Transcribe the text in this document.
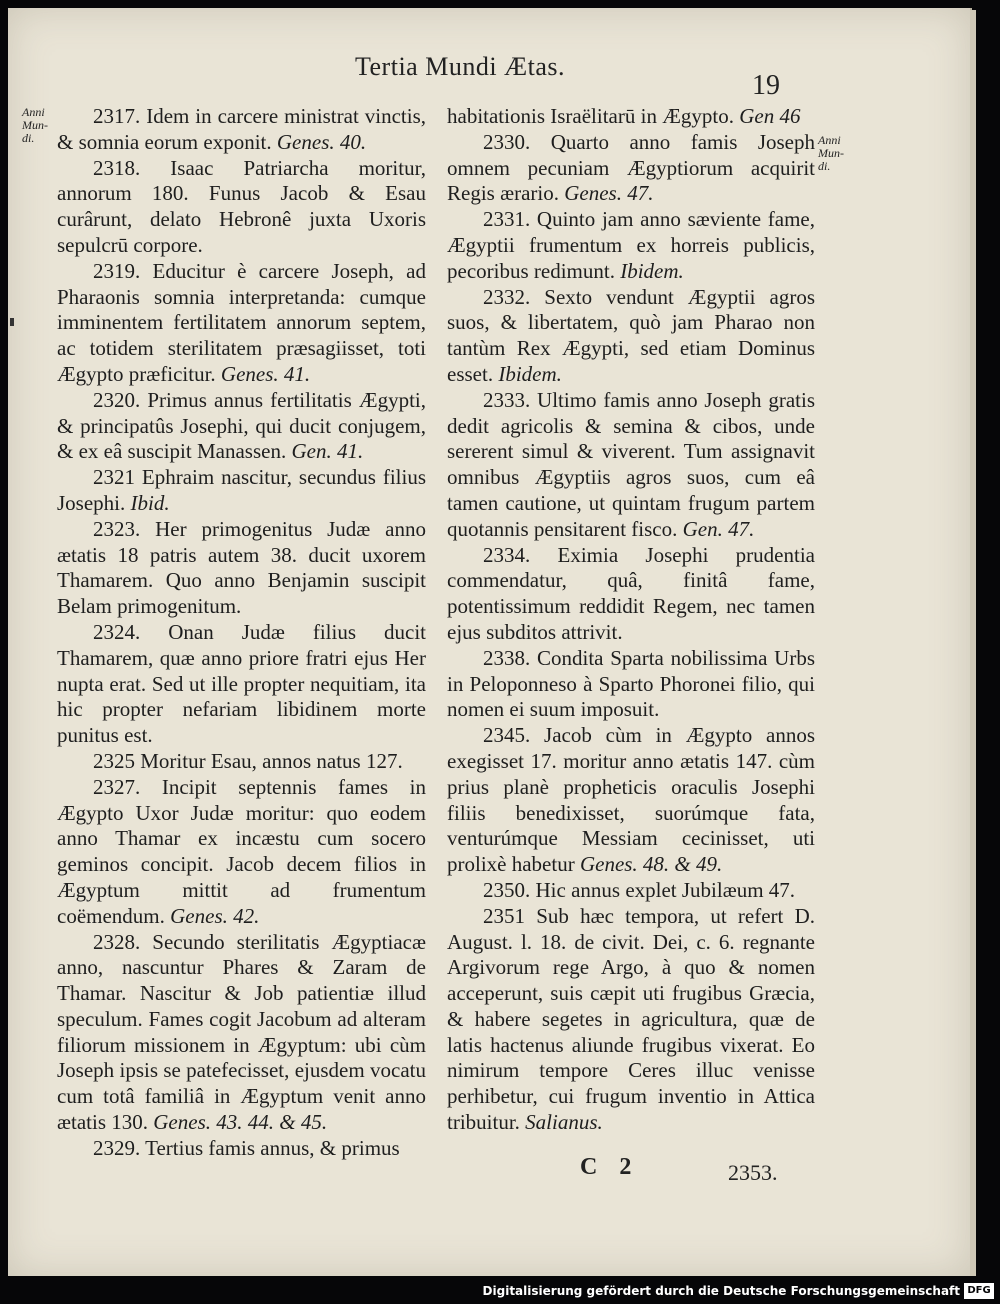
Tertia Mundi Ætas.
19
Anni
Mun-
di.	Anni
Mun-
di.

2317. Idem in carcere ministrat vinctis, & somnia eorum exponit. Genes. 40.

2318. Isaac Patriarcha moritur, annorum 180. Funus Jacob & Esau curârunt, delato Hebronê juxta Uxoris sepulcrū corpore.

2319. Educitur è carcere Joseph, ad Pharaonis somnia interpretanda: cumque imminentem fertilitatem annorum septem, ac totidem sterilitatem præsagiisset, toti Ægypto præficitur. Genes. 41.

2320. Primus annus fertilitatis Ægypti, & principatûs Josephi, qui ducit conjugem, & ex eâ suscipit Manassen. Gen. 41.

2321 Ephraim nascitur, secundus filius Josephi. Ibid.

2323. Her primogenitus Judæ anno ætatis 18 patris autem 38. ducit uxorem Thamarem. Quo anno Benjamin suscipit Belam primogenitum.

2324. Onan Judæ filius ducit Thamarem, quæ anno priore fratri ejus Her nupta erat. Sed ut ille propter nequitiam, ita hic propter nefariam libidinem morte punitus est.

2325 Moritur Esau, annos natus 127.

2327. Incipit septennis fames in Ægypto Uxor Judæ moritur: quo eodem anno Thamar ex incæstu cum socero geminos concipit. Jacob decem filios in Ægyptum mittit ad frumentum coëmendum. Genes. 42.

2328. Secundo sterilitatis Ægyptiacæ anno, nascuntur Phares & Zaram de Thamar. Nascitur & Job patientiæ illud speculum. Fames cogit Jacobum ad alteram filiorum missionem in Ægyptum: ubi cùm Joseph ipsis se patefecisset, ejusdem vocatu cum totâ familiâ in Ægyptum venit anno ætatis 130. Genes. 43. 44. & 45.

2329. Tertius famis annus, & primus

habitationis Israëlitarū in Ægypto. Gen 46

2330. Quarto anno famis Joseph omnem pecuniam Ægyptiorum acquirit Regis ærario. Genes. 47.

2331. Quinto jam anno sæviente fame, Ægyptii frumentum ex horreis publicis, pecoribus redimunt. Ibidem.

2332. Sexto vendunt Ægyptii agros suos, & libertatem, quò jam Pharao non tantùm Rex Ægypti, sed etiam Dominus esset. Ibidem.

2333. Ultimo famis anno Joseph gratis dedit agricolis & semina & cibos, unde sererent simul & viverent. Tum assignavit omnibus Ægyptiis agros suos, cum eâ tamen cautione, ut quintam frugum partem quotannis pensitarent fisco. Gen. 47.

2334. Eximia Josephi prudentia commendatur, quâ, finitâ fame, potentissimum reddidit Regem, nec tamen ejus subditos attrivit.

2338. Condita Sparta nobilissima Urbs in Peloponneso à Sparto Phoronei filio, qui nomen ei suum imposuit.

2345. Jacob cùm in Ægypto annos exegisset 17. moritur anno ætatis 147. cùm prius planè propheticis oraculis Josephi filiis benedixisset, suorúmque fata, venturúmque Messiam cecinisset, uti prolixè habetur Genes. 48. & 49.

2350. Hic annus explet Jubilæum 47.

2351 Sub hæc tempora, ut refert D. August. l. 18. de civit. Dei, c. 6. regnante Argivorum rege Argo, à quo & nomen acceperunt, suis cæpit uti frugibus Græcia, & habere segetes in agricultura, quæ de latis hactenus aliunde frugibus vixerat. Eo nimirum tempore Ceres illuc venisse perhibetur, cui frugum inventio in Attica tribuitur. Salianus.

C 2	2353.
Digitalisierung gefördert durch die Deutsche Forschungsgemeinschaft DFG
